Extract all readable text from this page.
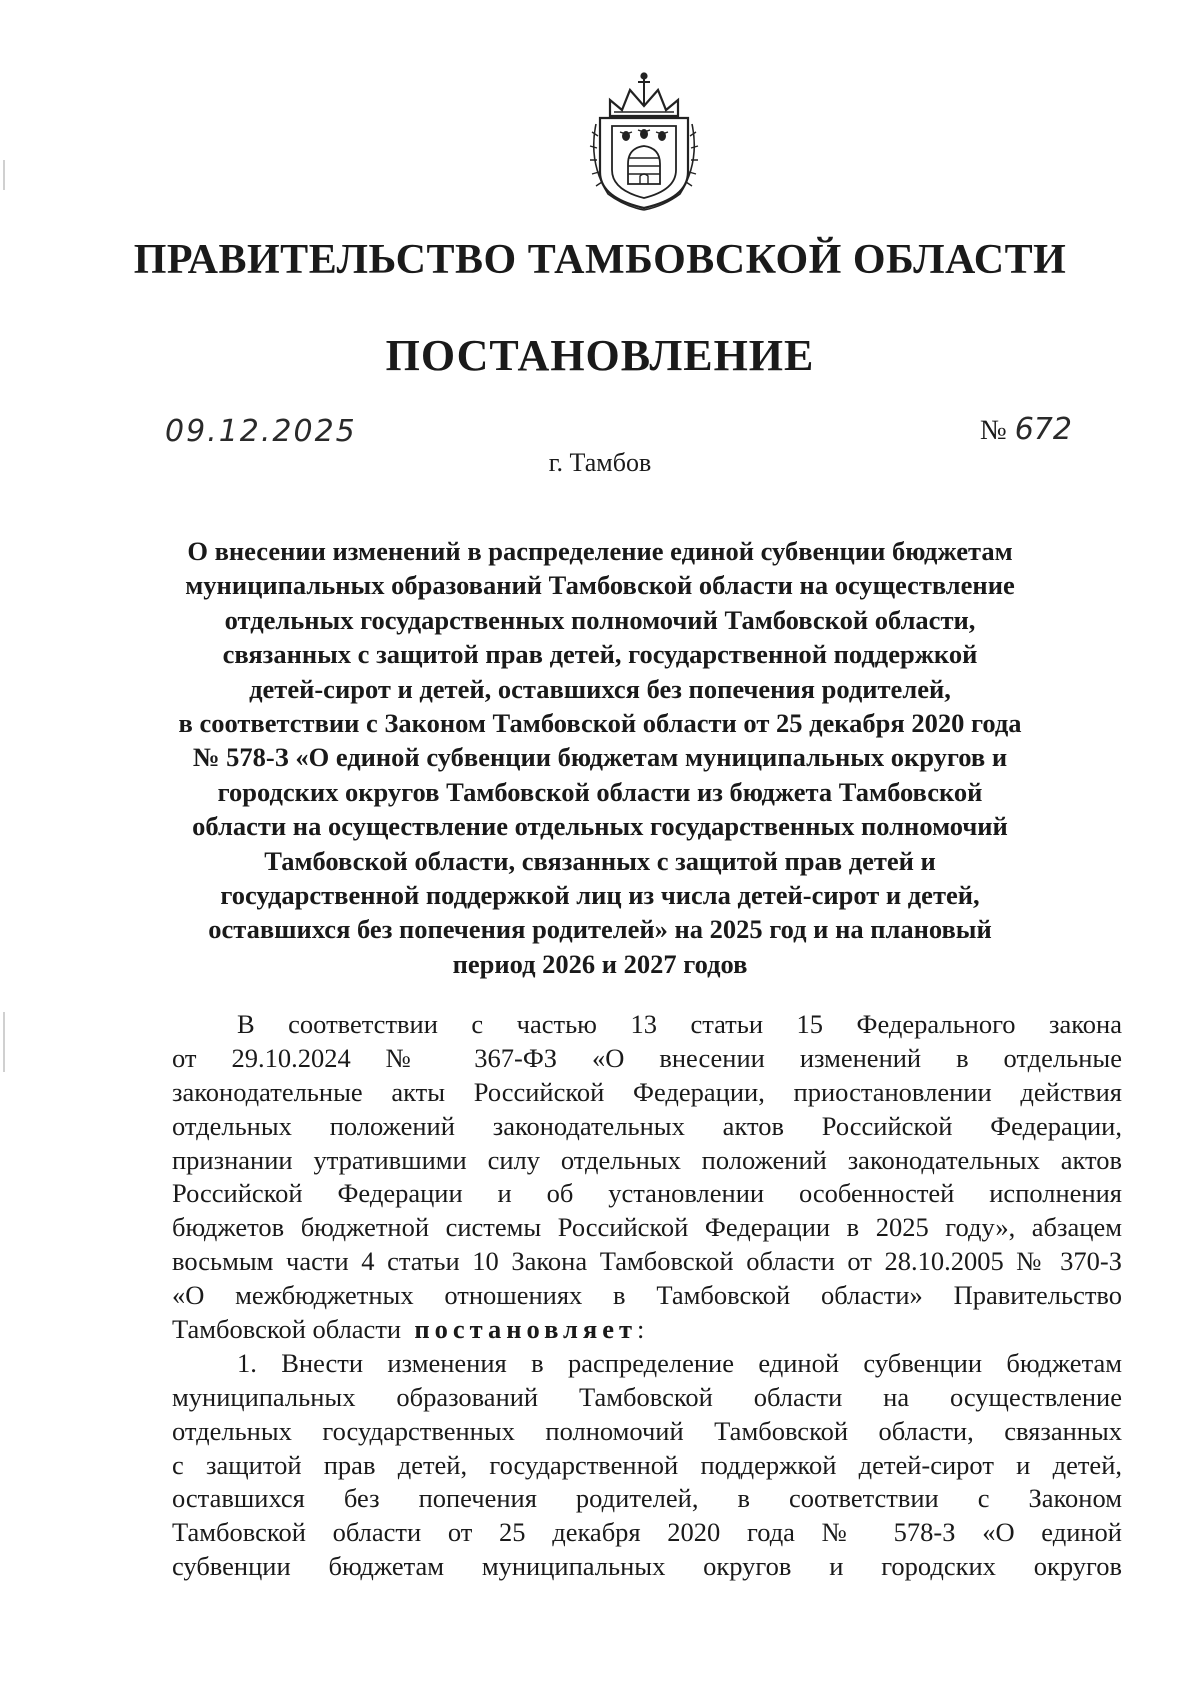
ПРАВИТЕЛЬСТВО ТАМБОВСКОЙ ОБЛАСТИ
ПОСТАНОВЛЕНИЕ
09.12.2025	№ 672
г. Тамбов

О внесении изменений в распределение единой субвенции бюджетам

муниципальных образований Тамбовской области на осуществление

отдельных государственных полномочий Тамбовской области,

связанных с защитой прав детей, государственной поддержкой

детей-сирот и детей, оставшихся без попечения родителей,

в соответствии с Законом Тамбовской области от 25 декабря 2020 года

№ 578-З «О единой субвенции бюджетам муниципальных округов и

городских округов Тамбовской области из бюджета Тамбовской

области на осуществление отдельных государственных полномочий

Тамбовской области, связанных с защитой прав детей и

государственной поддержкой лиц из числа детей-сирот и детей,

оставшихся без попечения родителей» на 2025 год и на плановый

период 2026 и 2027 годов

В соответствии с частью 13 статьи 15 Федерального закона
от 29.10.2024 № 367-ФЗ «О внесении изменений в отдельные
законодательные акты Российской Федерации, приостановлении действия
отдельных положений законодательных актов Российской Федерации,
признании утратившими силу отдельных положений законодательных актов
Российской Федерации и об установлении особенностей исполнения
бюджетов бюджетной системы Российской Федерации в 2025 году», абзацем
восьмым части 4 статьи 10 Закона Тамбовской области от 28.10.2005 № 370-З
«О межбюджетных отношениях в Тамбовской области» Правительство
Тамбовской области постановляет:
1. Внести изменения в распределение единой субвенции бюджетам
муниципальных образований Тамбовской области на осуществление
отдельных государственных полномочий Тамбовской области, связанных
с защитой прав детей, государственной поддержкой детей-сирот и детей,
оставшихся без попечения родителей, в соответствии с Законом
Тамбовской области от 25 декабря 2020 года № 578-З «О единой
субвенции бюджетам муниципальных округов и городских округов
